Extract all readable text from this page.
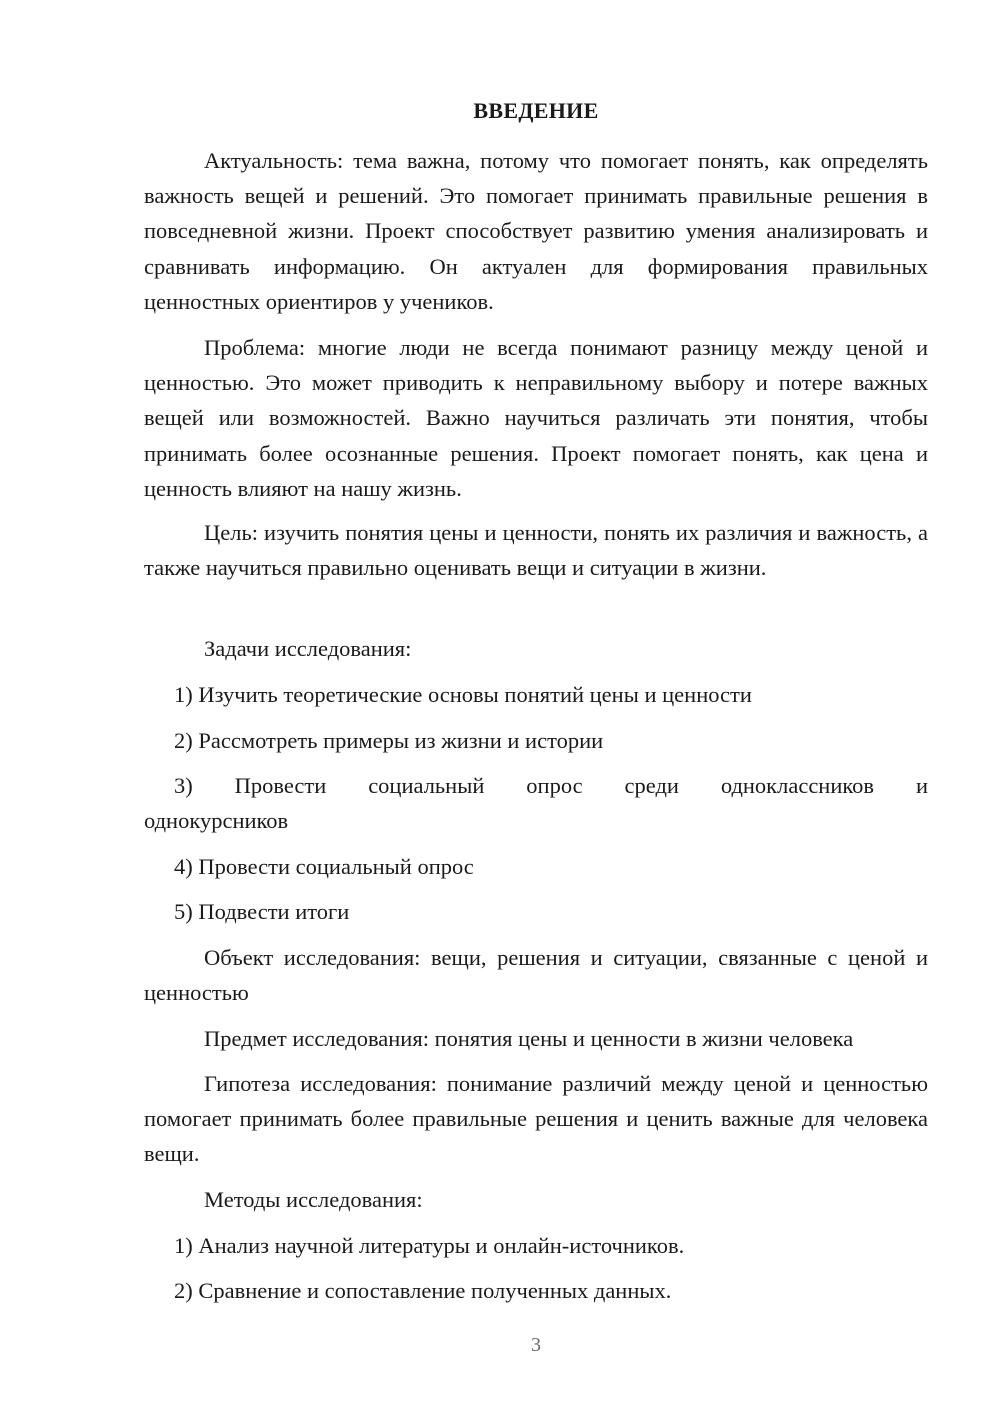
ВВЕДЕНИЕ

Актуальность: тема важна, потому что помогает понять, как определять важность вещей и решений. Это помогает принимать правильные решения в повседневной жизни. Проект способствует развитию умения анализировать и сравнивать информацию. Он актуален для формирования правильных ценностных ориентиров у учеников.

Проблема: многие люди не всегда понимают разницу между ценой и ценностью. Это может приводить к неправильному выбору и потере важных вещей или возможностей. Важно научиться различать эти понятия, чтобы принимать более осознанные решения. Проект помогает понять, как цена и ценность влияют на нашу жизнь.

Цель: изучить понятия цены и ценности, понять их различия и важность, а также научиться правильно оценивать вещи и ситуации в жизни.

Задачи исследования:

1) Изучить теоретические основы понятий цены и ценности

2) Рассмотреть примеры из жизни и истории

3) Провести социальный опрос среди одноклассников и однокурсников

4) Провести социальный опрос

5) Подвести итоги

Объект исследования: вещи, решения и ситуации, связанные с ценой и ценностью

Предмет исследования: понятия цены и ценности в жизни человека

Гипотеза исследования: понимание различий между ценой и ценностью помогает принимать более правильные решения и ценить важные для человека вещи.

Методы исследования:

1) Анализ научной литературы и онлайн-источников.

2) Сравнение и сопоставление полученных данных.

3
